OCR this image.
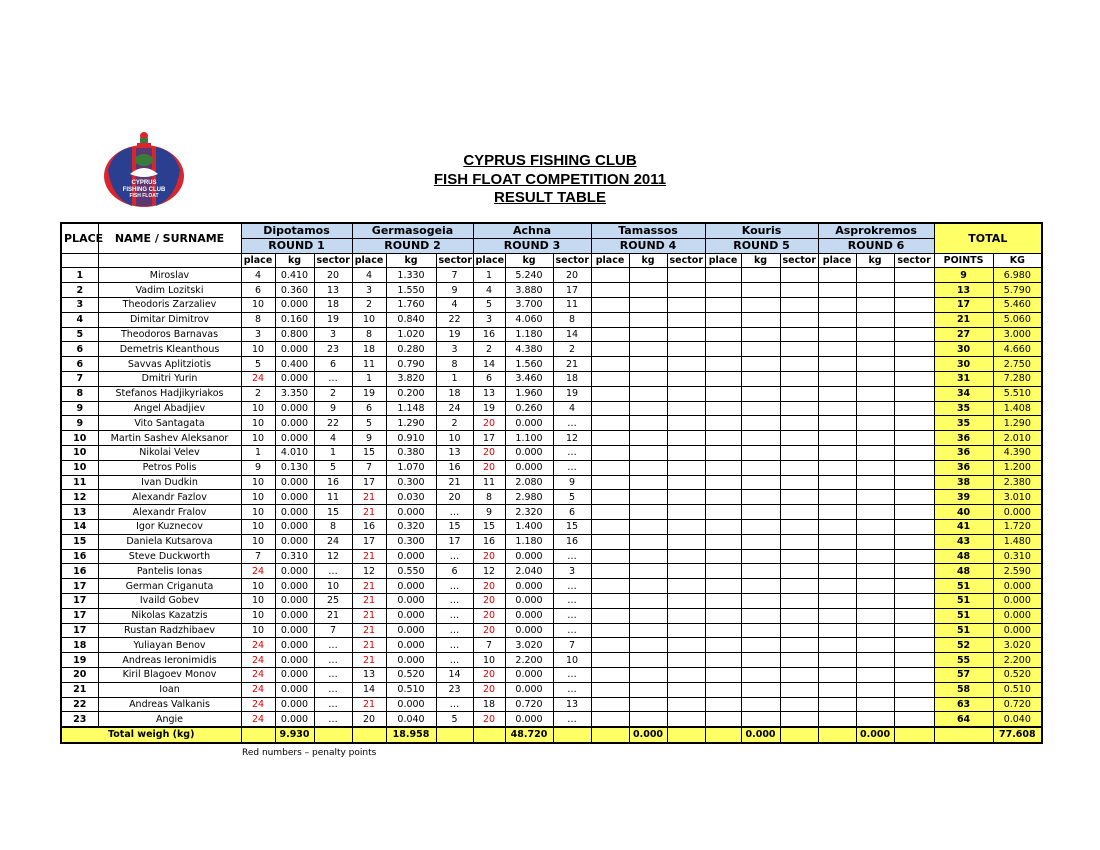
CYPRUS
FISHING CLUB
FISH FLOAT
CYPRUS FISHING CLUB
FISH FLOAT COMPETITION 2011
RESULT TABLE
PLACE	NAME / SURNAME	Dipotamos			Germasogeia			Achna			Tamassos			Kouris			Asprokremos			TOTAL	
		ROUND 1			ROUND 2			ROUND 3			ROUND 4			ROUND 5			ROUND 6				
		place	kg	sector	place	kg	sector	place	kg	sector	place	kg	sector	place	kg	sector	place	kg	sector	POINTS	KG
1	Miroslav	4	0.410	20	4	1.330	7	1	5.240	20										9	6.980
2	Vadim Lozitski	6	0.360	13	3	1.550	9	4	3.880	17										13	5.790
3	Theodoris Zarzaliev	10	0.000	18	2	1.760	4	5	3.700	11										17	5.460
4	Dimitar Dimitrov	8	0.160	19	10	0.840	22	3	4.060	8										21	5.060
5	Theodoros Barnavas	3	0.800	3	8	1.020	19	16	1.180	14										27	3.000
6	Demetris Kleanthous	10	0.000	23	18	0.280	3	2	4.380	2										30	4.660
6	Savvas Aplitziotis	5	0.400	6	11	0.790	8	14	1.560	21										30	2.750
7	Dmitri Yurin	24	0.000	…	1	3.820	1	6	3.460	18										31	7.280
8	Stefanos Hadjikyriakos	2	3.350	2	19	0.200	18	13	1.960	19										34	5.510
9	Angel Abadjiev	10	0.000	9	6	1.148	24	19	0.260	4										35	1.408
9	Vito Santagata	10	0.000	22	5	1.290	2	20	0.000	…										35	1.290
10	Martin Sashev Aleksanor	10	0.000	4	9	0.910	10	17	1.100	12										36	2.010
10	Nikolai Velev	1	4.010	1	15	0.380	13	20	0.000	…										36	4.390
10	Petros Polis	9	0.130	5	7	1.070	16	20	0.000	…										36	1.200
11	Ivan Dudkin	10	0.000	16	17	0.300	21	11	2.080	9										38	2.380
12	Alexandr Fazlov	10	0.000	11	21	0.030	20	8	2.980	5										39	3.010
13	Alexandr Fralov	10	0.000	15	21	0.000	…	9	2.320	6										40	0.000
14	Igor Kuznecov	10	0.000	8	16	0.320	15	15	1.400	15										41	1.720
15	Daniela Kutsarova	10	0.000	24	17	0.300	17	16	1.180	16										43	1.480
16	Steve Duckworth	7	0.310	12	21	0.000	…	20	0.000	…										48	0.310
16	Pantelis Ionas	24	0.000	…	12	0.550	6	12	2.040	3										48	2.590
17	German Criganuta	10	0.000	10	21	0.000	…	20	0.000	…										51	0.000
17	Ivaild Gobev	10	0.000	25	21	0.000	…	20	0.000	…										51	0.000
17	Nikolas Kazatzis	10	0.000	21	21	0.000	…	20	0.000	…										51	0.000
17	Rustan Radzhibaev	10	0.000	7	21	0.000	…	20	0.000	…										51	0.000
18	Yuliayan Benov	24	0.000	…	21	0.000	…	7	3.020	7										52	3.020
19	Andreas Ieronimidis	24	0.000	…	21	0.000	…	10	2.200	10										55	2.200
20	Kiril Blagoev Monov	24	0.000	…	13	0.520	14	20	0.000	…										57	0.520
21	Ioan	24	0.000	…	14	0.510	23	20	0.000	…										58	0.510
22	Andreas Valkanis	24	0.000	…	21	0.000	…	18	0.720	13										63	0.720
23	Angie	24	0.000	…	20	0.040	5	20	0.000	…										64	0.040
Total weigh (kg)			9.930			18.958			48.720			0.000			0.000			0.000			77.608
Red numbers – penalty points
